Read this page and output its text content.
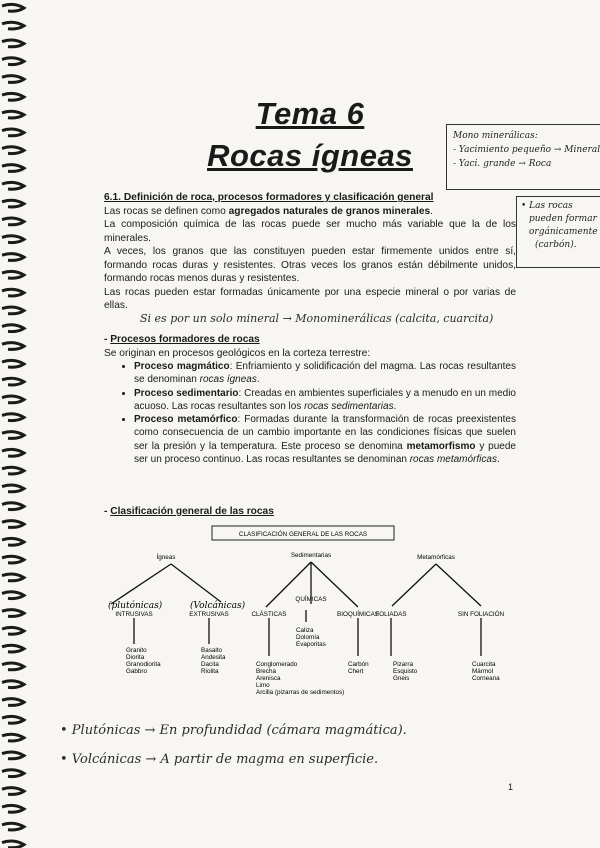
Tema 6
Rocas ígneas
Mono minerálicas:
- Yacimiento pequeño → Mineral
- Yaci. grande → Roca
• Las rocas
pueden formar
orgánicamente
(carbón).

6.1. Definición de roca, procesos formadores y clasificación general

Las rocas se definen como agregados naturales de granos minerales.

La composición química de las rocas puede ser mucho más variable que la de los minerales.

A veces, los granos que las constituyen pueden estar firmemente unidos entre sí, formando rocas duras y resistentes. Otras veces los granos están débilmente unidos, formando rocas menos duras y resistentes.

Las rocas pueden estar formadas únicamente por una especie mineral o por varias de ellas.

Si es por un solo mineral → Monominerálicas (calcita, cuarcita)

- Procesos formadores de rocas

Se originan en procesos geológicos en la corteza terrestre:

• Proceso magmático: Enfriamiento y solidificación del magma. Las rocas resultantes se denominan rocas ígneas.
• Proceso sedimentario: Creadas en ambientes superficiales y a menudo en un medio acuoso. Las rocas resultantes son los rocas sedimentarias.
• Proceso metamórfico: Formadas durante la transformación de rocas preexistentes como consecuencia de un cambio importante en las condiciones físicas que suelen ser la presión y la temperatura. Este proceso se denomina metamorfismo y puede ser un proceso continuo. Las rocas resultantes se denominan rocas metamórficas.

- Clasificación general de las rocas

CLASIFICACIÓN GENERAL DE LAS ROCAS
Ígneas	Sedimentarias	Metamórficas
(plutónicas)	(Volcánicas)
INTRUSIVAS	EXTRUSIVAS
QUÍMICAS
CLÁSTICAS	BIOQUÍMICAS
FOLIADAS	SIN FOLIACIÓN
Granito
Diorita
Granodiorita
Gabbro
Basalto
Andesita
Dacita
Riolita
Caliza
Dolomía
Evaporitas
Conglomerado
Brecha
Arenisca
Limo
Arcilla (pizarras de sedimentos)
Carbón
Chert
Pizarra
Esquisto
Gneis
Cuarcita
Mármol
Corneana
• Plutónicas → En profundidad (cámara magmática).
• Volcánicas → A partir de magma en superficie.
1
